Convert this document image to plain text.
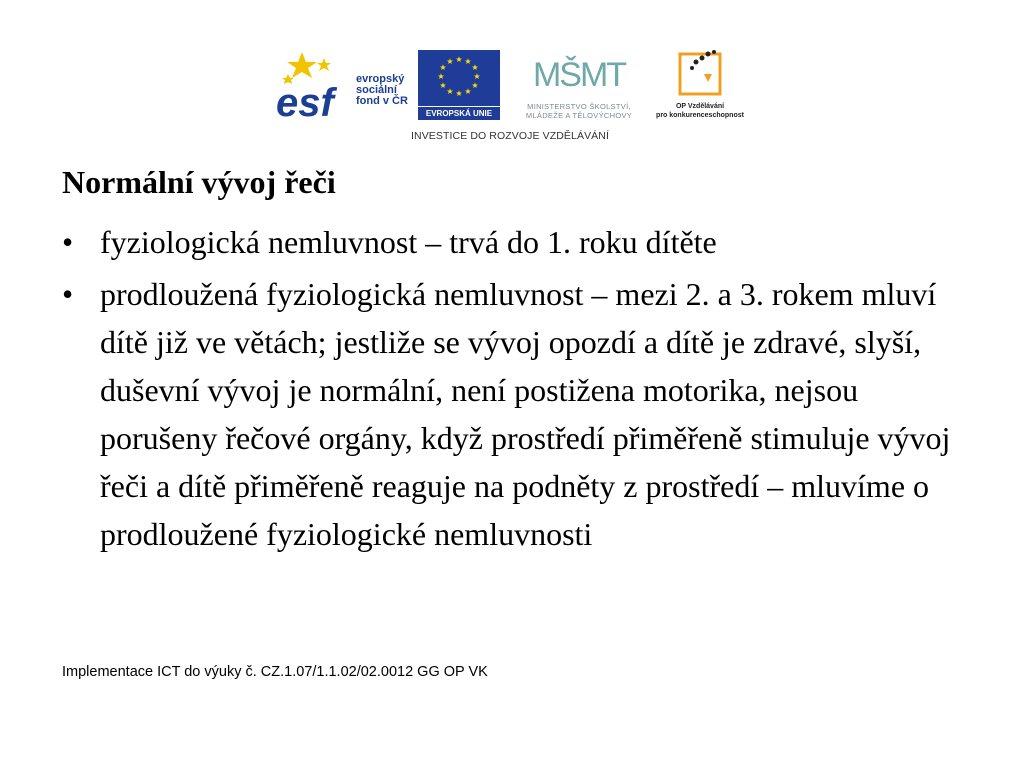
esf
evropský
sociální
fond v ČR
★ ★
★
★
★
★
★
★
★
★
★
★
EVROPSKÁ UNIE
MŠMT
MINISTERSTVO ŠKOLSTVÍ,
MLÁDEŽE A TĚLOVÝCHOVY
OP Vzdělávání
pro konkurenceschopnost
INVESTICE DO ROZVOJE VZDĚLÁVÁNÍ
Normální vývoj řeči
• fyziologická nemluvnost – trvá do 1. roku dítěte
• prodloužená fyziologická nemluvnost – mezi 2. a 3. rokem mluví dítě již ve větách; jestliže se vývoj opozdí a dítě je zdravé, slyší, duševní vývoj je normální, není postižena motorika, nejsou porušeny řečové orgány, když prostředí přiměřeně stimuluje vývoj řeči a dítě přiměřeně reaguje na podněty z prostředí – mluvíme o prodloužené fyziologické nemluvnosti
Implementace ICT do výuky č. CZ.1.07/1.1.02/02.0012 GG OP VK
